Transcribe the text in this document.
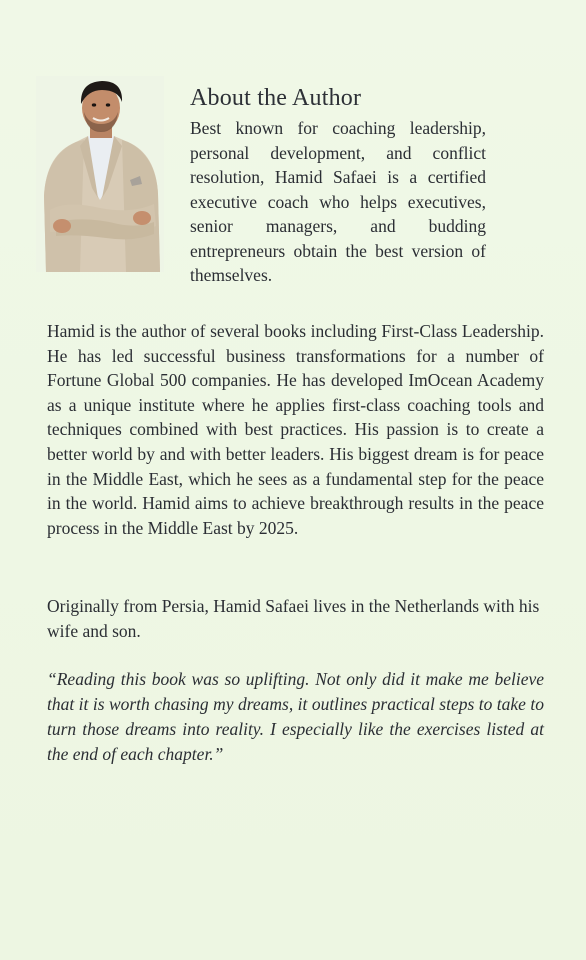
About the Author
Best known for coaching leadership, personal development, and conflict resolution, Hamid Safaei is a certified executive coach who helps executives, senior managers, and budding entrepreneurs obtain the best version of themselves.
Hamid is the author of several books including First-Class Leadership. He has led successful business transformations for a number of Fortune Global 500 companies. He has developed ImOcean Academy as a unique institute where he applies first-class coaching tools and techniques combined with best practices. His passion is to create a better world by and with better leaders. His biggest dream is for peace in the Middle East, which he sees as a fundamental step for the peace in the world. Hamid aims to achieve breakthrough results in the peace process in the Middle East by 2025.
Originally from Persia, Hamid Safaei lives in the Netherlands with his wife and son.
“Reading this book was so uplifting. Not only did it make me believe that it is worth chasing my dreams, it outlines practical steps to take to turn those dreams into reality. I especially like the exercises listed at the end of each chapter.”
